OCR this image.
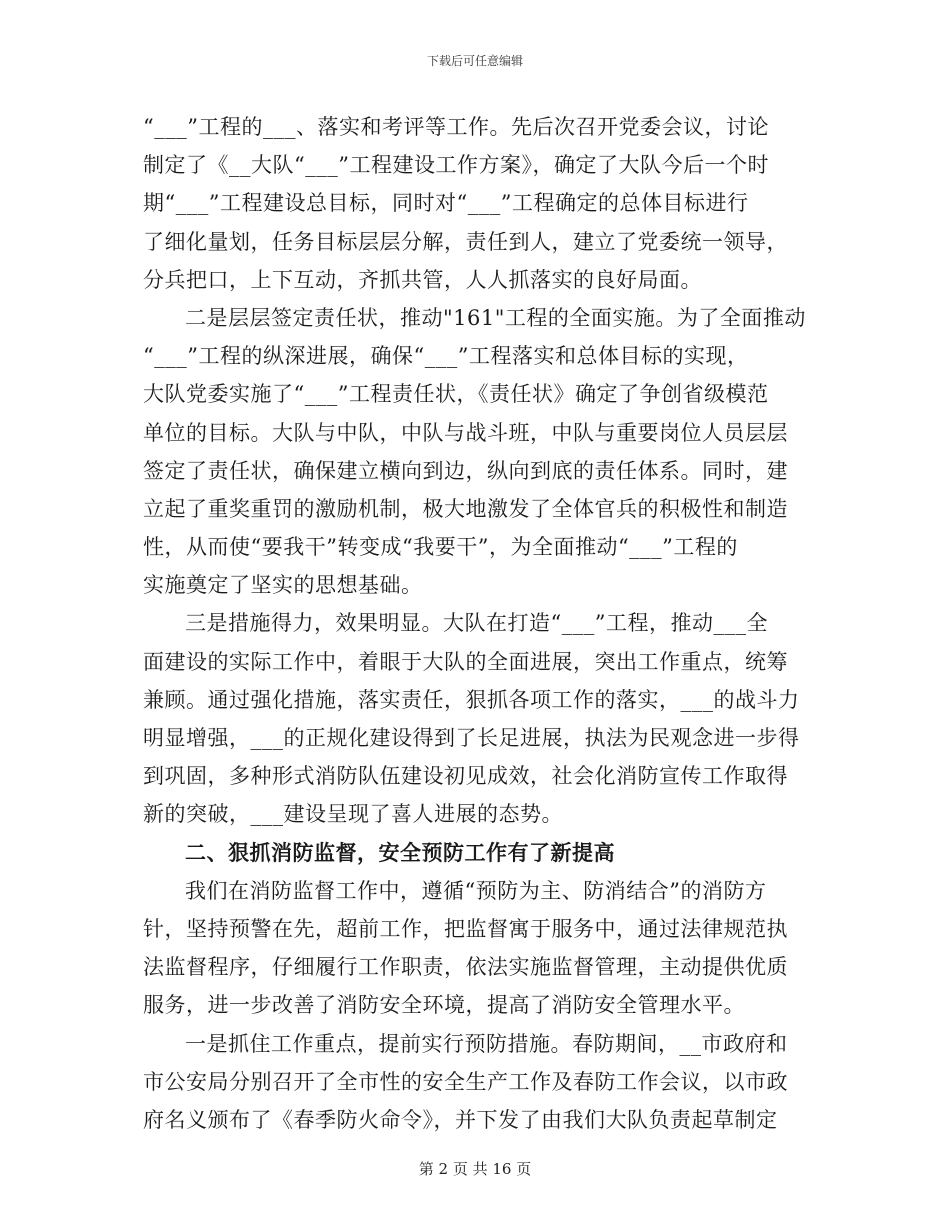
下载后可任意编辑
“___”工程的___、落实和考评等工作。先后次召开党委会议，讨论
制定了《__大队“___”工程建设工作方案》，确定了大队今后一个时
期“___”工程建设总目标，同时对“___”工程确定的总体目标进行
了细化量划，任务目标层层分解，责任到人，建立了党委统一领导，
分兵把口，上下互动，齐抓共管，人人抓落实的良好局面。
二是层层签定责任状，推动"161"工程的全面实施。为了全面推动
“___”工程的纵深进展，确保“___”工程落实和总体目标的实现，
大队党委实施了“___”工程责任状，《责任状》确定了争创省级模范
单位的目标。大队与中队，中队与战斗班，中队与重要岗位人员层层
签定了责任状，确保建立横向到边，纵向到底的责任体系。同时，建
立起了重奖重罚的激励机制，极大地激发了全体官兵的积极性和制造
性，从而使“要我干”转变成“我要干”，为全面推动“___”工程的
实施奠定了坚实的思想基础。
三是措施得力，效果明显。大队在打造“___”工程，推动___全
面建设的实际工作中，着眼于大队的全面进展，突出工作重点，统筹
兼顾。通过强化措施，落实责任，狠抓各项工作的落实，___的战斗力
明显增强，___的正规化建设得到了长足进展，执法为民观念进一步得
到巩固，多种形式消防队伍建设初见成效，社会化消防宣传工作取得
新的突破，___建设呈现了喜人进展的态势。
二、狠抓消防监督，安全预防工作有了新提高
我们在消防监督工作中，遵循“预防为主、防消结合”的消防方
针，坚持预警在先，超前工作，把监督寓于服务中，通过法律规范执
法监督程序，仔细履行工作职责，依法实施监督管理，主动提供优质
服务，进一步改善了消防安全环境，提高了消防安全管理水平。
一是抓住工作重点，提前实行预防措施。春防期间，__市政府和
市公安局分别召开了全市性的安全生产工作及春防工作会议，以市政
府名义颁布了《春季防火命令》，并下发了由我们大队负责起草制定
第 2 页 共 16 页
